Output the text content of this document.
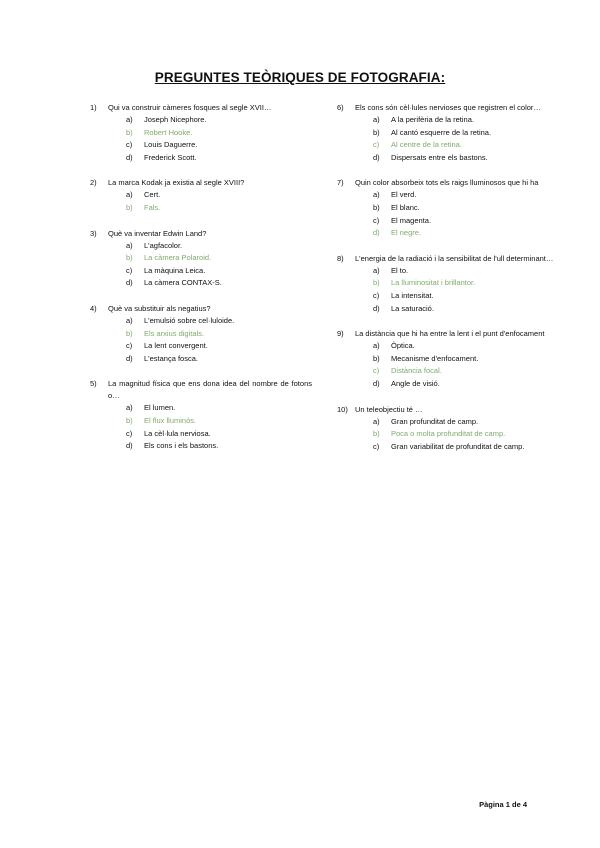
PREGUNTES TEÒRIQUES DE FOTOGRAFIA:
1)	Qui va construir càmeres fosques al segle XVII…
a)	Joseph Nicephore.
b)	Robert Hooke.
c)	Louis Daguerre.
d)	Frederick Scott.
2)	La marca Kodak ja existia al segle XVIII?
a)	Cert.
b)	Fals.
3)	Què va inventar Edwin Land?
a)	L'agfacolor.
b)	La càmera Polaroid.
c)	La màquina Leica.
d)	La càmera CONTAX-S.
4)	Què va substituir als negatius?
a)	L'emulsió sobre cel·luloide.
b)	Els arxius digitals.
c)	La lent convergent.
d)	L'estança fosca.
5)	La magnitud física que ens dona idea del nombre de fotons o…
a)	El lumen.
b)	El flux lluminós.
c)	La cèl·lula nerviosa.
d)	Els cons i els bastons.
6)	Els cons són cèl·lules nervioses que registren el color…
a)	A la perifèria de la retina.
b)	Al cantó esquerre de la retina.
c)	Al centre de la retina.
d)	Dispersats entre els bastons.
7)	Quin color absorbeix tots els raigs lluminosos que hi ha
a)	El verd.
b)	El blanc.
c)	El magenta.
d)	El negre.
8)	L'energia de la radiació i la sensibilitat de l'ull determinant…
a)	El to.
b)	La lluminositat i brillantor.
c)	La intensitat.
d)	La saturació.
9)	La distància que hi ha entre la lent i el punt d'enfocament
a)	Òptica.
b)	Mecanisme d'enfocament.
c)	Distància focal.
d)	Angle de visió.
10) Un teleobjectiu té …
a)	Gran profunditat de camp.
b)	Poca o molta profunditat de camp.
c)	Gran variabilitat de profunditat de camp.
Pàgina 1 de 4
